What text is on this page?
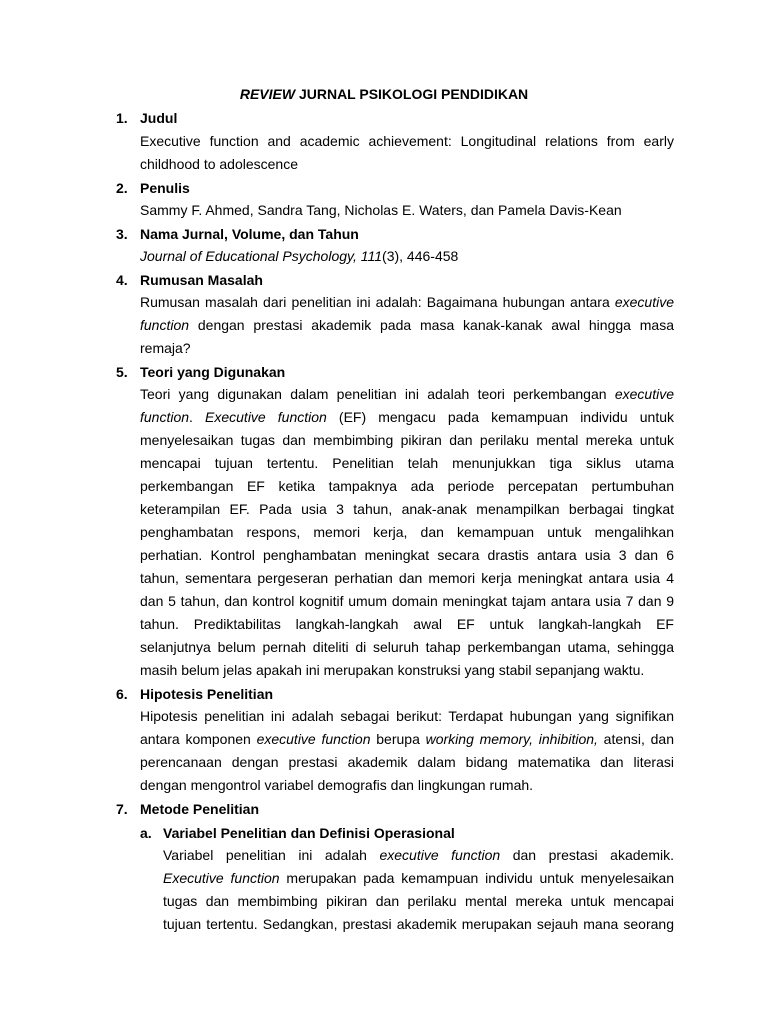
REVIEW JURNAL PSIKOLOGI PENDIDIKAN
1. Judul
Executive function and academic achievement: Longitudinal relations from early
childhood to adolescence
2. Penulis
Sammy F. Ahmed, Sandra Tang, Nicholas E. Waters, dan Pamela Davis-Kean
3. Nama Jurnal, Volume, dan Tahun
Journal of Educational Psychology, 111(3), 446-458
4. Rumusan Masalah
Rumusan masalah dari penelitian ini adalah: Bagaimana hubungan antara executive
function dengan prestasi akademik pada masa kanak-kanak awal hingga masa
remaja?
5. Teori yang Digunakan
Teori yang digunakan dalam penelitian ini adalah teori perkembangan executive
function. Executive function (EF) mengacu pada kemampuan individu untuk
menyelesaikan tugas dan membimbing pikiran dan perilaku mental mereka untuk
mencapai tujuan tertentu. Penelitian telah menunjukkan tiga siklus utama
perkembangan EF ketika tampaknya ada periode percepatan pertumbuhan
keterampilan EF. Pada usia 3 tahun, anak-anak menampilkan berbagai tingkat
penghambatan respons, memori kerja, dan kemampuan untuk mengalihkan
perhatian. Kontrol penghambatan meningkat secara drastis antara usia 3 dan 6
tahun, sementara pergeseran perhatian dan memori kerja meningkat antara usia 4
dan 5 tahun, dan kontrol kognitif umum domain meningkat tajam antara usia 7 dan 9
tahun. Prediktabilitas langkah-langkah awal EF untuk langkah-langkah EF
selanjutnya belum pernah diteliti di seluruh tahap perkembangan utama, sehingga
masih belum jelas apakah ini merupakan konstruksi yang stabil sepanjang waktu.
6. Hipotesis Penelitian
Hipotesis penelitian ini adalah sebagai berikut: Terdapat hubungan yang signifikan
antara komponen executive function berupa working memory, inhibition, atensi, dan
perencanaan dengan prestasi akademik dalam bidang matematika dan literasi
dengan mengontrol variabel demografis dan lingkungan rumah.
7. Metode Penelitian
a. Variabel Penelitian dan Definisi Operasional
Variabel penelitian ini adalah executive function dan prestasi akademik.
Executive function merupakan pada kemampuan individu untuk menyelesaikan
tugas dan membimbing pikiran dan perilaku mental mereka untuk mencapai
tujuan tertentu. Sedangkan, prestasi akademik merupakan sejauh mana seorang
